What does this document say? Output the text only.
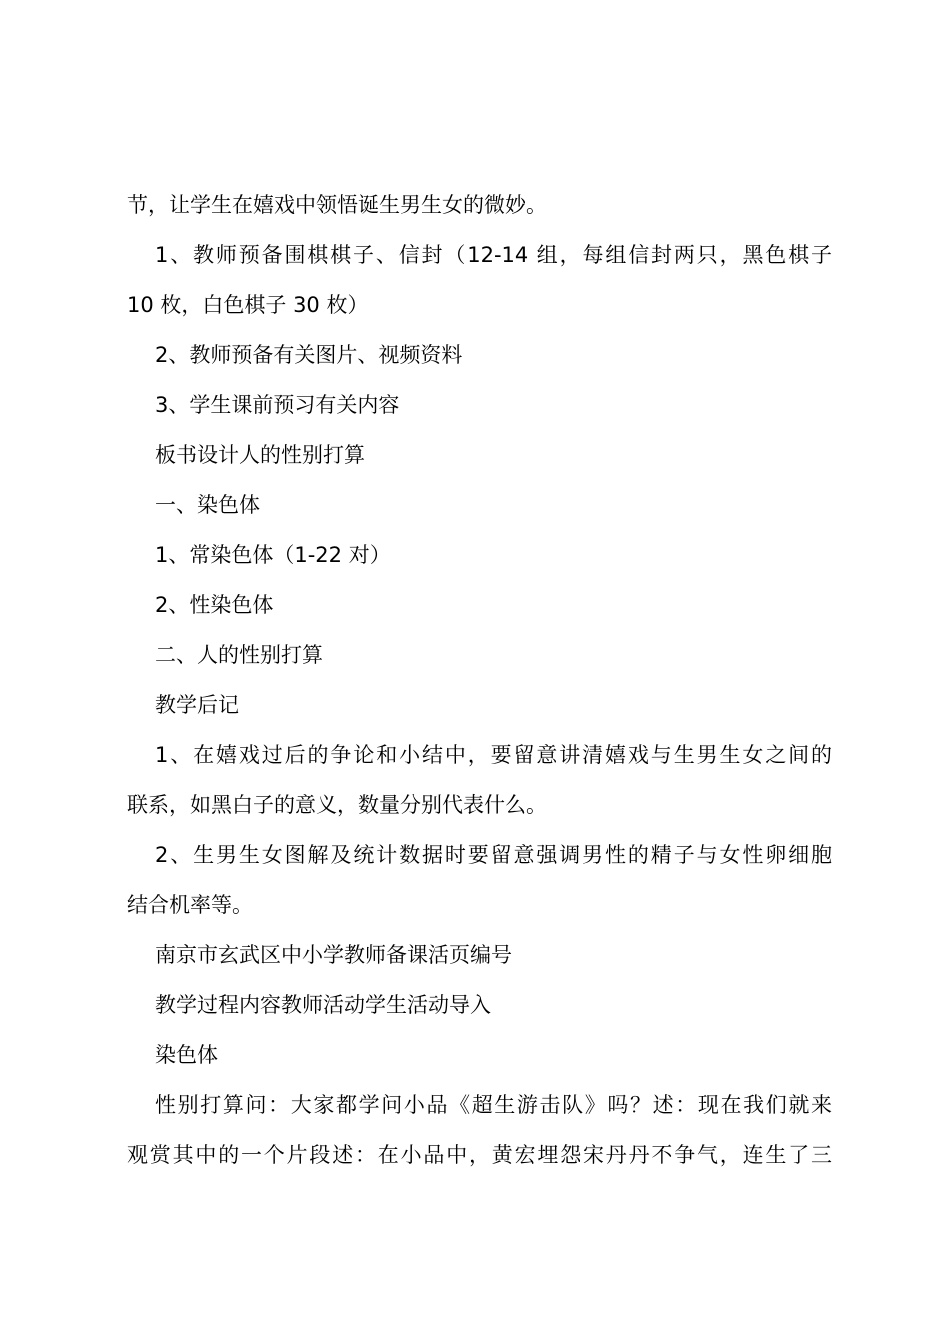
节，让学生在嬉戏中领悟诞生男生女的微妙。
1、教师预备围棋棋子、信封（12-14 组，每组信封两只，黑色棋子
10 枚，白色棋子 30 枚）
2、教师预备有关图片、视频资料
3、学生课前预习有关内容
板书设计人的性别打算
一、染色体
1、常染色体（1-22 对）
2、性染色体
二、人的性别打算
教学后记
1、在嬉戏过后的争论和小结中，要留意讲清嬉戏与生男生女之间的
联系，如黑白子的意义，数量分别代表什么。
2、生男生女图解及统计数据时要留意强调男性的精子与女性卵细胞
结合机率等。
南京市玄武区中小学教师备课活页编号
教学过程内容教师活动学生活动导入
染色体
性别打算问：大家都学问小品《超生游击队》吗？述：现在我们就来
观赏其中的一个片段述：在小品中，黄宏埋怨宋丹丹不争气，连生了三
